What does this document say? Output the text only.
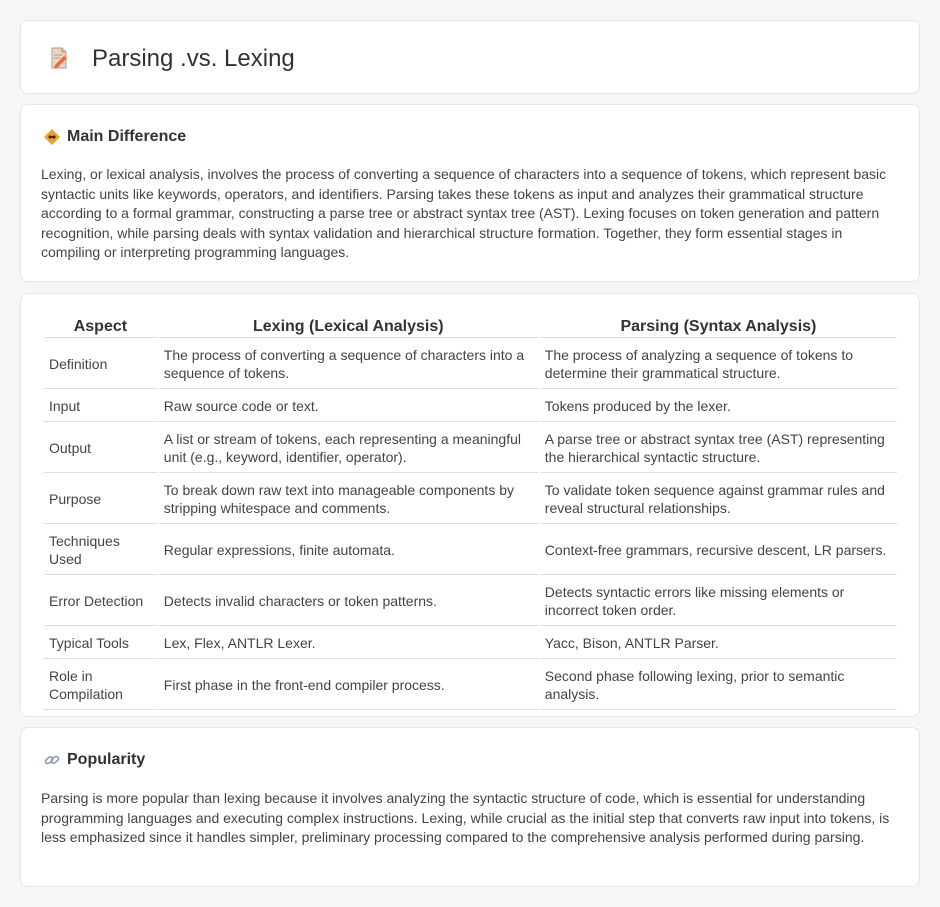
Parsing .vs. Lexing
Main Difference

Lexing, or lexical analysis, involves the process of converting a sequence of characters into a sequence of tokens, which represent basic syntactic units like keywords, operators, and identifiers. Parsing takes these tokens as input and analyzes their grammatical structure according to a formal grammar, constructing a parse tree or abstract syntax tree (AST). Lexing focuses on token generation and pattern recognition, while parsing deals with syntax validation and hierarchical structure formation. Together, they form essential stages in compiling or interpreting programming languages.

Aspect	Lexing (Lexical Analysis)	Parsing (Syntax Analysis)
Definition	The process of converting a sequence of characters into a sequence of tokens.	The process of analyzing a sequence of tokens to determine their grammatical structure.
Input	Raw source code or text.	Tokens produced by the lexer.
Output	A list or stream of tokens, each representing a meaningful unit (e.g., keyword, identifier, operator).	A parse tree or abstract syntax tree (AST) representing the hierarchical syntactic structure.
Purpose	To break down raw text into manageable components by stripping whitespace and comments.	To validate token sequence against grammar rules and reveal structural relationships.
Techniques Used	Regular expressions, finite automata.	Context-free grammars, recursive descent, LR parsers.
Error Detection	Detects invalid characters or token patterns.	Detects syntactic errors like missing elements or incorrect token order.
Typical Tools	Lex, Flex, ANTLR Lexer.	Yacc, Bison, ANTLR Parser.
Role in Compilation	First phase in the front-end compiler process.	Second phase following lexing, prior to semantic analysis.
Popularity

Parsing is more popular than lexing because it involves analyzing the syntactic structure of code, which is essential for understanding programming languages and executing complex instructions. Lexing, while crucial as the initial step that converts raw input into tokens, is less emphasized since it handles simpler, preliminary processing compared to the comprehensive analysis performed during parsing.
